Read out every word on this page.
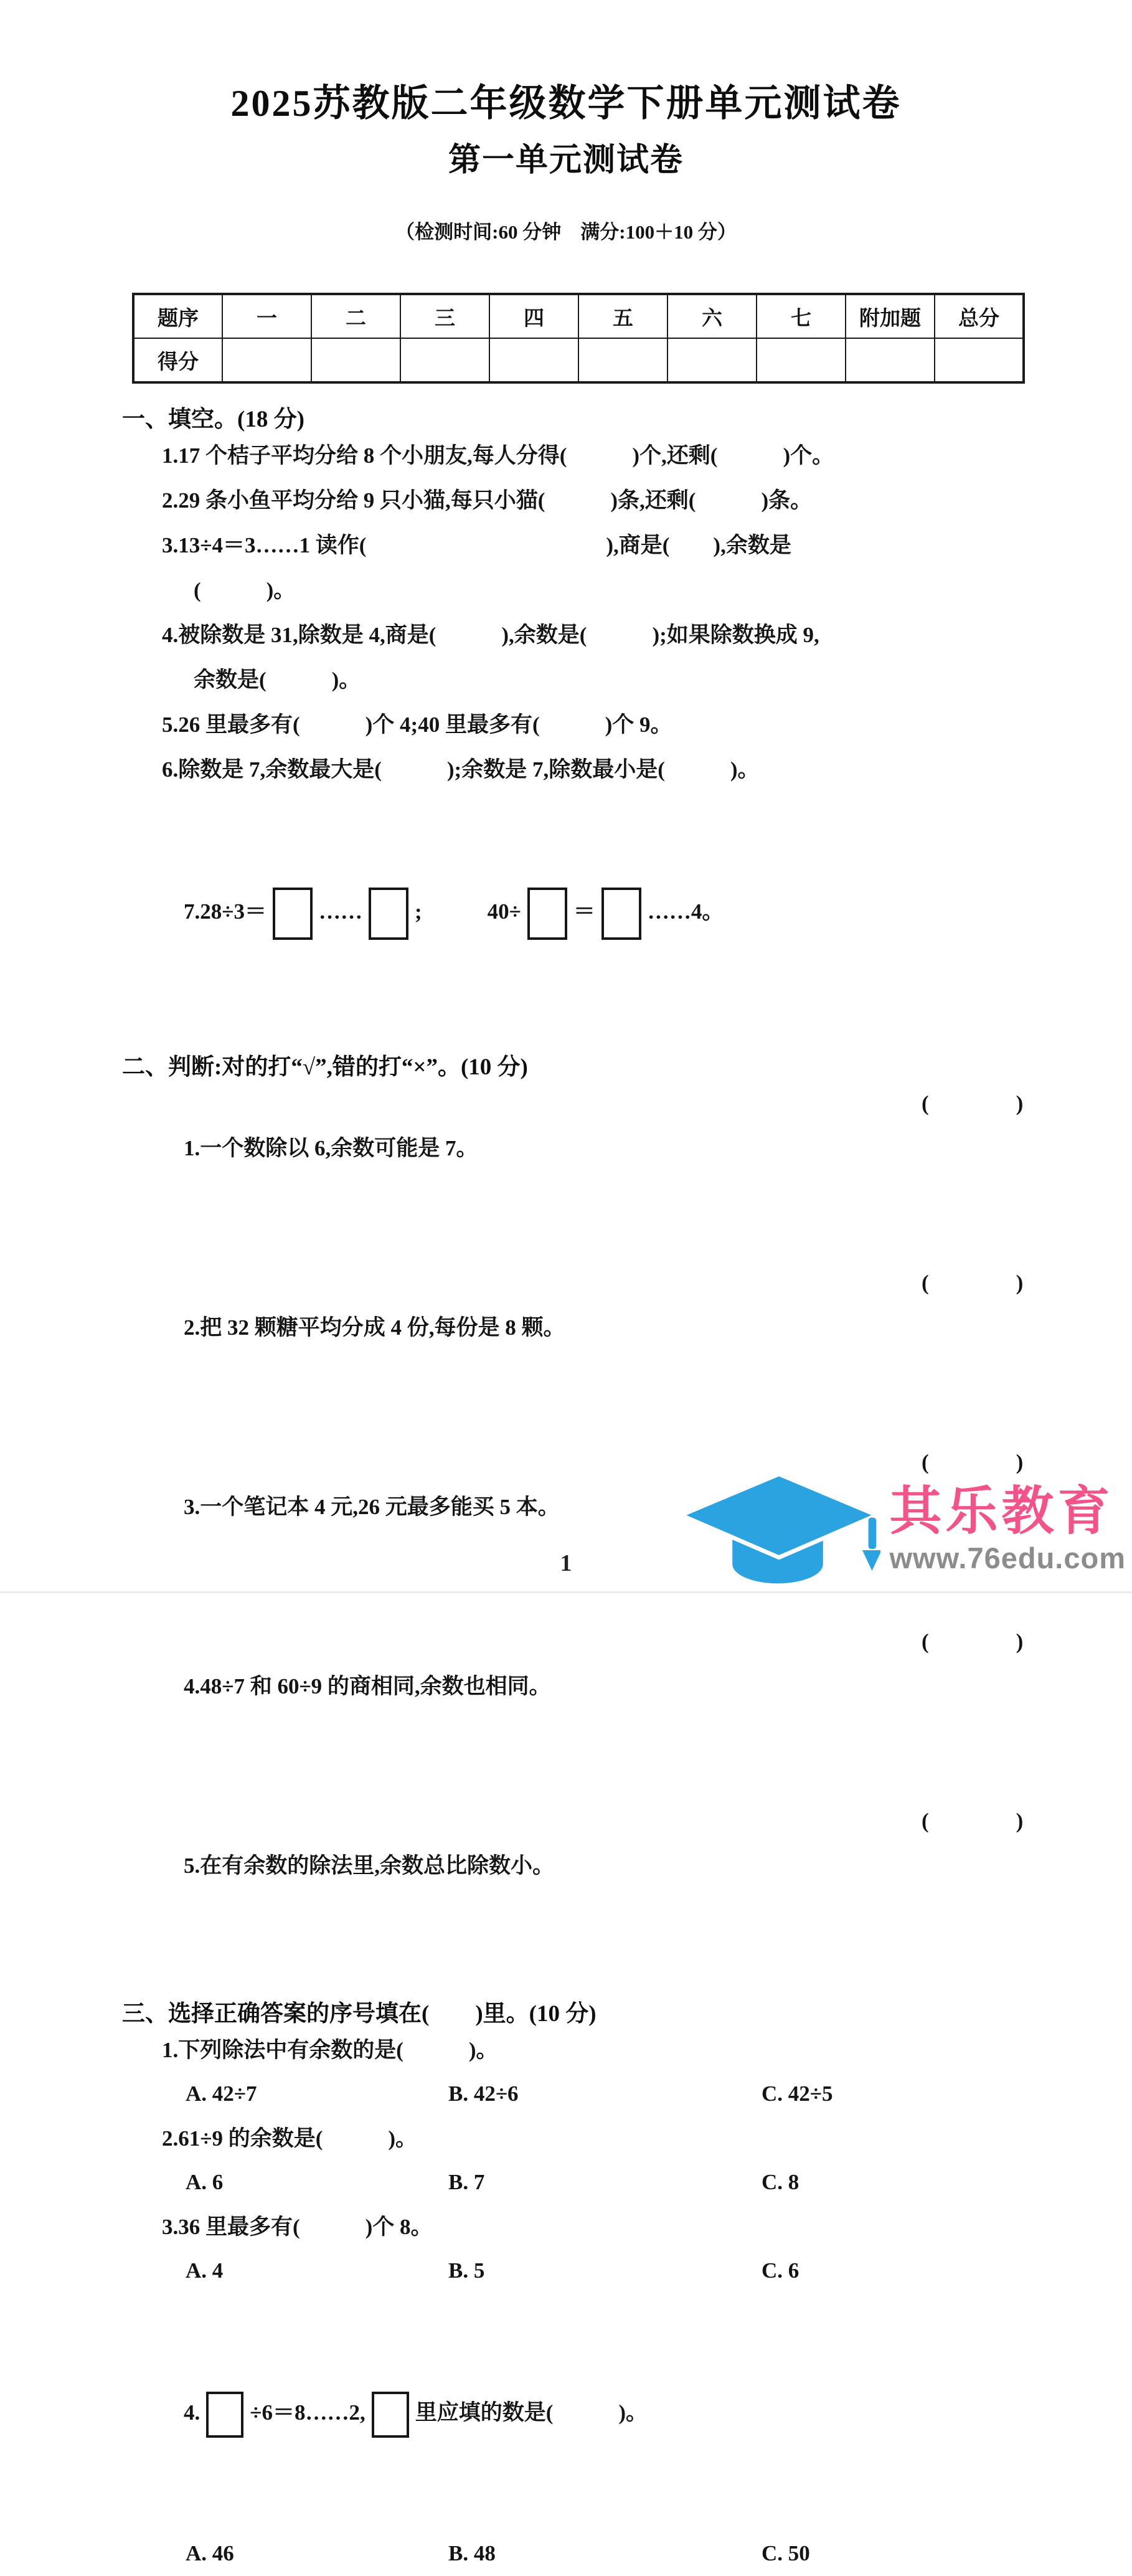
2025苏教版二年级数学下册单元测试卷
第一单元测试卷

（检测时间:60 分钟　满分:100＋10 分）

题序	一	二	三	四	五	六	七	附加题	总分
得分									
一、填空。(18 分)
1.17 个桔子平均分给 8 个小朋友,每人分得(　　　)个,还剩(　　　)个。
2.29 条小鱼平均分给 9 只小猫,每只小猫(　　　)条,还剩(　　　)条。
3.13÷4＝3……1 读作(　　　　　　　　　　　),商是(　　),余数是
(　　　)。
4.被除数是 31,除数是 4,商是(　　　),余数是(　　　);如果除数换成 9,
余数是(　　　)。
5.26 里最多有(　　　)个 4;40 里最多有(　　　)个 9。
6.除数是 7,余数最大是(　　　);余数是 7,除数最小是(　　　)。

7.28÷3＝ …… ;　　　40÷ ＝ ……4。

二、判断:对的打“√”,错的打“×”。(10 分)

1.一个数除以 6,余数可能是 7。

(　　　　)

2.把 32 颗糖平均分成 4 份,每份是 8 颗。

(　　　　)

3.一个笔记本 4 元,26 元最多能买 5 本。

(　　　　)

4.48÷7 和 60÷9 的商相同,余数也相同。

(　　　　)

5.在有余数的除法里,余数总比除数小。

(　　　　)

三、选择正确答案的序号填在(　　)里。(10 分)
1.下列除法中有余数的是(　　　)。
A. 42÷7	B. 42÷6	C. 42÷5
2.61÷9 的余数是(　　　)。
A. 6	B. 7	C. 8
3.36 里最多有(　　　)个 8。
A. 4	B. 5	C. 6

4. ÷6＝8……2, 里应填的数是(　　　)。

A. 46	B. 48	C. 50
1
其乐教育
www.76edu.com
